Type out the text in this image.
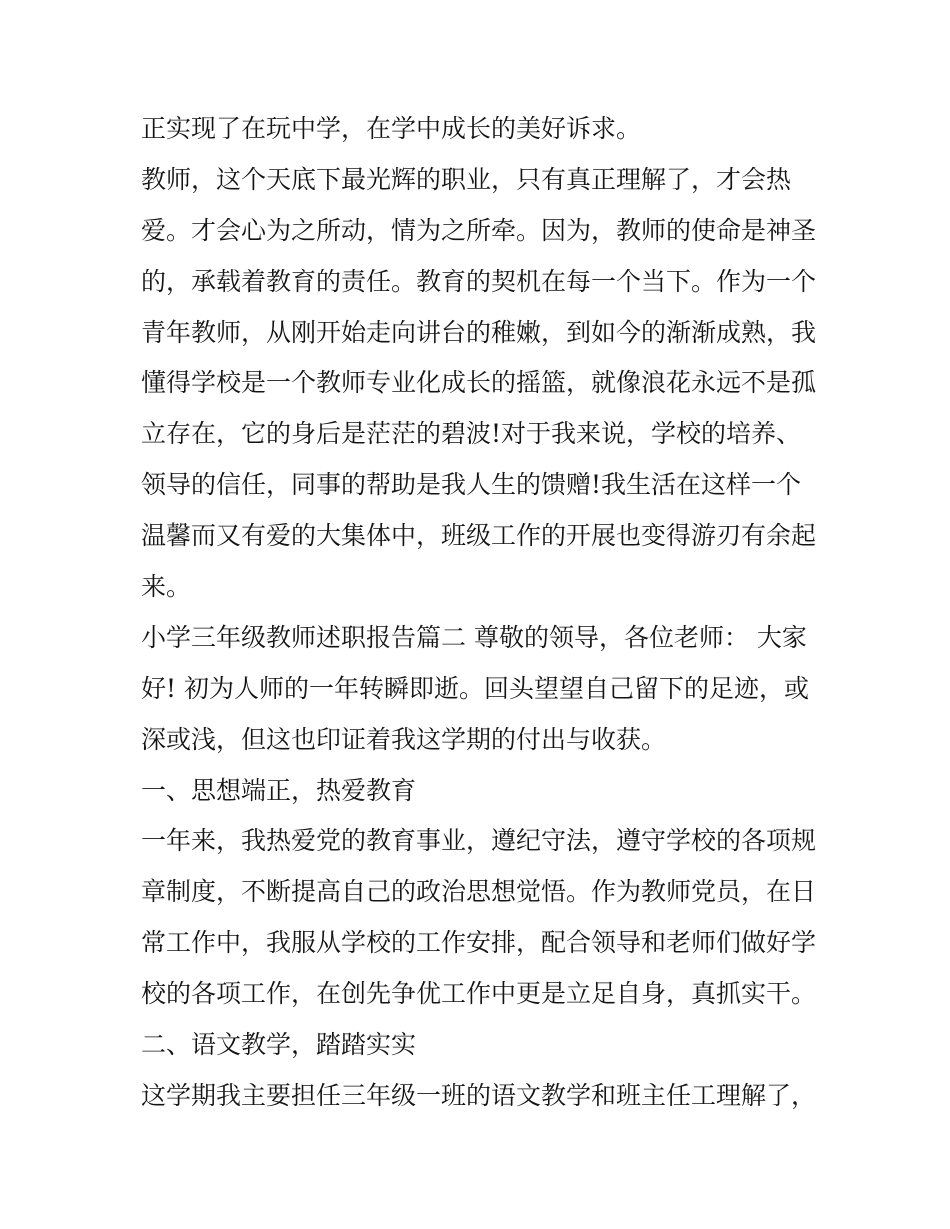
正实现了在玩中学，在学中成长的美好诉求。
教师，这个天底下最光辉的职业，只有真正理解了，才会热
爱。才会心为之所动，情为之所牵。因为，教师的使命是神圣
的，承载着教育的责任。教育的契机在每一个当下。作为一个
青年教师，从刚开始走向讲台的稚嫩，到如今的渐渐成熟，我
懂得学校是一个教师专业化成长的摇篮，就像浪花永远不是孤
立存在，它的身后是茫茫的碧波!对于我来说，学校的培养、
领导的信任，同事的帮助是我人生的馈赠!我生活在这样一个
温馨而又有爱的大集体中，班级工作的开展也变得游刃有余起
来。
小学三年级教师述职报告篇二 尊敬的领导，各位老师： 大家
好! 初为人师的一年转瞬即逝。回头望望自己留下的足迹，或
深或浅，但这也印证着我这学期的付出与收获。
一、思想端正，热爱教育
一年来，我热爱党的教育事业，遵纪守法，遵守学校的各项规
章制度，不断提高自己的政治思想觉悟。作为教师党员，在日
常工作中，我服从学校的工作安排，配合领导和老师们做好学
校的各项工作，在创先争优工作中更是立足自身，真抓实干。
二、语文教学，踏踏实实
这学期我主要担任三年级一班的语文教学和班主任工理解了，
